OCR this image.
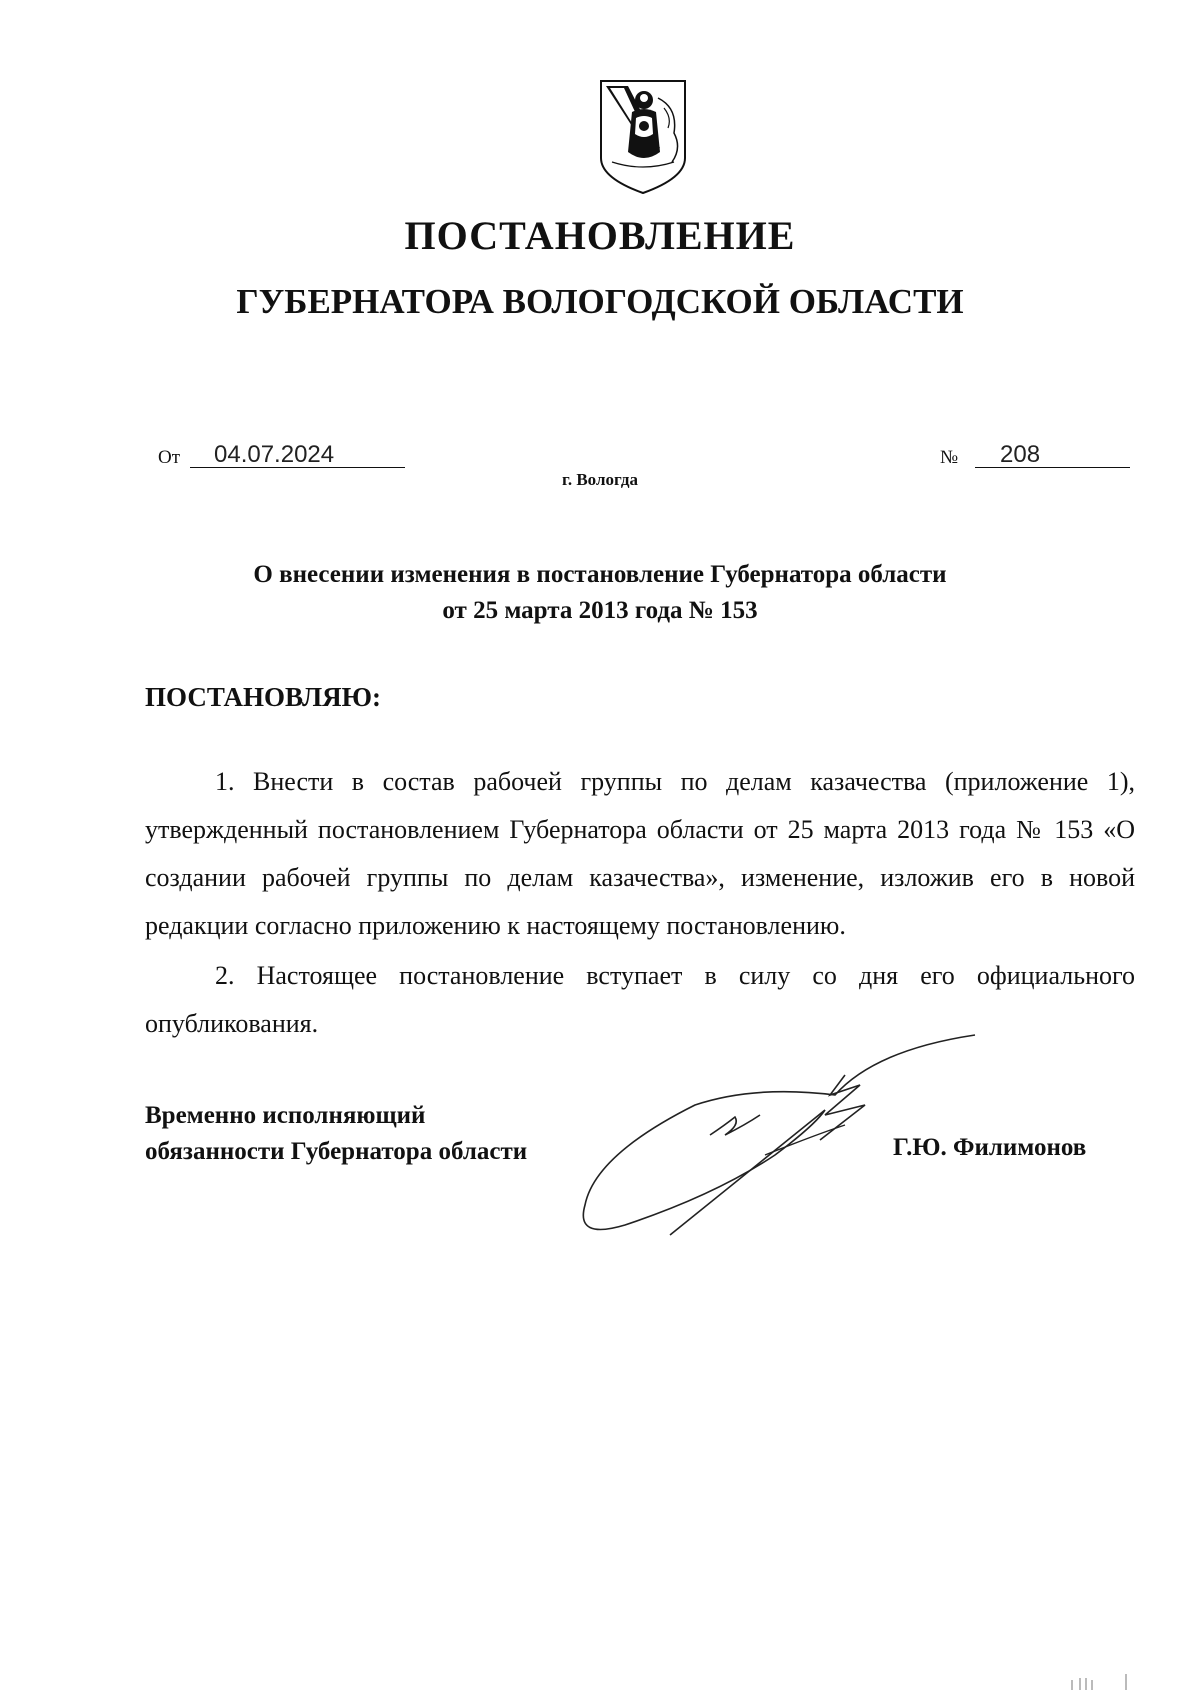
ПОСТАНОВЛЕНИЕ
ГУБЕРНАТОРА ВОЛОГОДСКОЙ ОБЛАСТИ
От 04.07.2024	№ 208
г. Вологда
О внесении изменения в постановление Губернатора области
от 25 марта 2013 года № 153
ПОСТАНОВЛЯЮ:
1. Внести в состав рабочей группы по делам казачества (приложение 1), утвержденный постановлением Губернатора области от 25 марта 2013 года № 153 «О создании рабочей группы по делам казачества», изменение, изложив его в новой редакции согласно приложению к настоящему постановлению.
2. Настоящее постановление вступает в силу со дня его официального опубликования.
Временно исполняющий
обязанности Губернатора области	Г.Ю. Филимонов
